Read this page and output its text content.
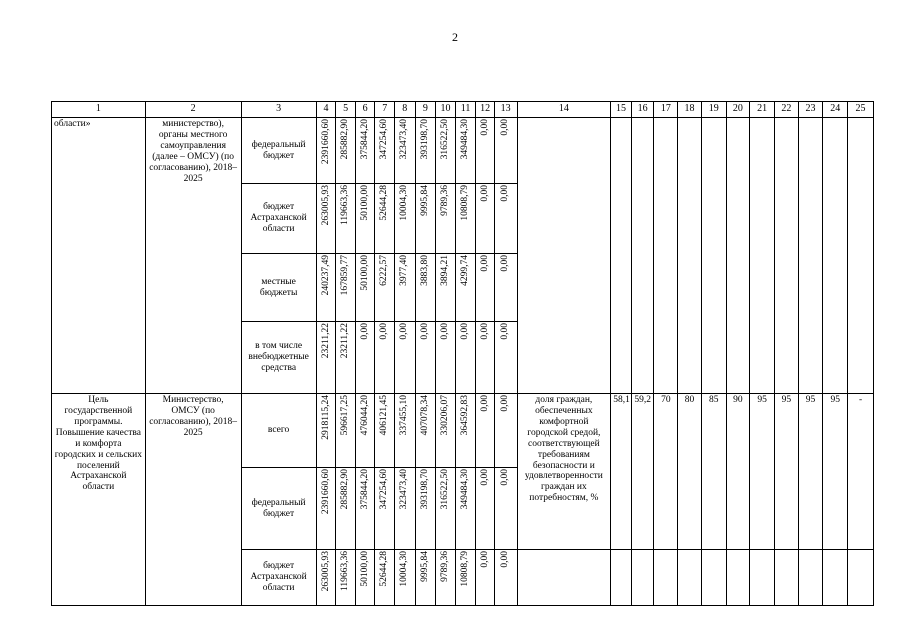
2
1	2	3	4	5	6	7	8	9	10	11	12	13	14	15	16	17	18	19	20	21	22	23	24	25
области»	министерство), органы местного самоуправления (далее – ОМСУ) (по согласованию), 2018–2025	федеральный бюджет	2391660,60	285882,90	375844,20	347254,60	323473,40	393198,70	316522,50	349484,30	0,00	0,00												

		бюджет Астраханской области	263005,93	119663,36	50100,00	52644,28	10004,30	9995,84	9789,36	10808,79	0,00	0,00												

		местные бюджеты	240237,49	167859,77	50100,00	6222,57	3977,40	3883,80	3894,21	4299,74	0,00	0,00												

		в том числе внебюджетные средства	23211,22	23211,22	0,00	0,00	0,00	0,00	0,00	0,00	0,00	0,00												

Цель государственной программы. Повышение качества и комфорта городских и сельских поселений Астраханской области	Министерство, ОМСУ (по согласованию), 2018–2025	всего	2918115,24	596617,25	476044,20	406121,45	337455,10	407078,34	330206,07	364592,83	0,00	0,00	доля граждан, обеспеченных комфортной городской средой, соответствующей требованиям безопасности и удовлетворенности граждан их потребностям, %	58,1	59,2	70	80	85	90	95	95	95	95	-
		федеральный бюджет	2391660,60	285882,90	375844,20	347254,60	323473,40	393198,70	316522,50	349484,30	0,00	0,00												

		бюджет Астраханской области	263005,93	119663,36	50100,00	52644,28	10004,30	9995,84	9789,36	10808,79	0,00	0,00												
